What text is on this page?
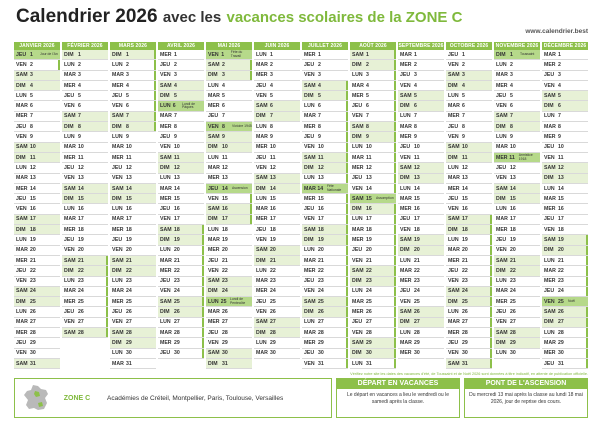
Calendrier 2026 avec les vacances scolaires de la ZONE C
www.calendrier.best
JANVIER 2026
JEU 1	Jour de l'An
VEN 2
SAM 3
DIM 4
LUN 5
MAR 6
MER 7
JEU 8
VEN 9
SAM 10
DIM 11
LUN 12
MAR 13
MER 14
JEU 15
VEN 16
SAM 17
DIM 18
LUN 19
MAR 20
MER 21
JEU 22
VEN 23
SAM 24
DIM 25
LUN 26
MAR 27
MER 28
JEU 29
VEN 30
SAM 31
FÉVRIER 2026
DIM 1
LUN 2
MAR 3
MER 4
JEU 5
VEN 6
SAM 7
DIM 8
LUN 9
MAR 10
MER 11
JEU 12
VEN 13
SAM 14
DIM 15
LUN 16
MAR 17
MER 18
JEU 19
VEN 20
SAM 21
DIM 22
LUN 23
MAR 24
MER 25
JEU 26
VEN 27
SAM 28
MARS 2026
DIM 1
LUN 2
MAR 3
MER 4
JEU 5
VEN 6
SAM 7
DIM 8
LUN 9
MAR 10
MER 11
JEU 12
VEN 13
SAM 14
DIM 15
LUN 16
MAR 17
MER 18
JEU 19
VEN 20
SAM 21
DIM 22
LUN 23
MAR 24
MER 25
JEU 26
VEN 27
SAM 28
DIM 29
LUN 30
MAR 31
AVRIL 2026
MER 1
JEU 2
VEN 3
SAM 4
DIM 5
LUN 6	Lundi de Pâques
MAR 7
MER 8
JEU 9
VEN 10
SAM 11
DIM 12
LUN 13
MAR 14
MER 15
JEU 16
VEN 17
SAM 18
DIM 19
LUN 20
MAR 21
MER 22
JEU 23
VEN 24
SAM 25
DIM 26
LUN 27
MAR 28
MER 29
JEU 30
MAI 2026
VEN 1	Fête du Travail
SAM 2
DIM 3
LUN 4
MAR 5
MER 6
JEU 7
VEN 8	Victoire 1945
SAM 9
DIM 10
LUN 11
MAR 12
MER 13
JEU 14	Ascension
VEN 15
SAM 16
DIM 17
LUN 18
MAR 19
MER 20
JEU 21
VEN 22
SAM 23
DIM 24
LUN 25	Lundi de Pentecôte
MAR 26
MER 27
JEU 28
VEN 29
SAM 30
DIM 31
JUIN 2026
LUN 1
MAR 2
MER 3
JEU 4
VEN 5
SAM 6
DIM 7
LUN 8
MAR 9
MER 10
JEU 11
VEN 12
SAM 13
DIM 14
LUN 15
MAR 16
MER 17
JEU 18
VEN 19
SAM 20
DIM 21
LUN 22
MAR 23
MER 24
JEU 25
VEN 26
SAM 27
DIM 28
LUN 29
MAR 30
JUILLET 2026
MER 1
JEU 2
VEN 3
SAM 4
DIM 5
LUN 6
MAR 7
MER 8
JEU 9
VEN 10
SAM 11
DIM 12
LUN 13
MAR 14	Fête Nationale
MER 15
JEU 16
VEN 17
SAM 18
DIM 19
LUN 20
MAR 21
MER 22
JEU 23
VEN 24
SAM 25
DIM 26
LUN 27
MAR 28
MER 29
JEU 30
VEN 31
AOÛT 2026
SAM 1
DIM 2
LUN 3
MAR 4
MER 5
JEU 6
VEN 7
SAM 8
DIM 9
LUN 10
MAR 11
MER 12
JEU 13
VEN 14
SAM 15	Assomption
DIM 16
LUN 17
MAR 18
MER 19
JEU 20
VEN 21
SAM 22
DIM 23
LUN 24
MAR 25
MER 26
JEU 27
VEN 28
SAM 29
DIM 30
LUN 31
SEPTEMBRE 2026
MAR 1
MER 2
JEU 3
VEN 4
SAM 5
DIM 6
LUN 7
MAR 8
MER 9
JEU 10
VEN 11
SAM 12
DIM 13
LUN 14
MAR 15
MER 16
JEU 17
VEN 18
SAM 19
DIM 20
LUN 21
MAR 22
MER 23
JEU 24
VEN 25
SAM 26
DIM 27
LUN 28
MAR 29
MER 30
OCTOBRE 2026
JEU 1
VEN 2
SAM 3
DIM 4
LUN 5
MAR 6
MER 7
JEU 8
VEN 9
SAM 10
DIM 11
LUN 12
MAR 13
MER 14
JEU 15
VEN 16
SAM 17
DIM 18
LUN 19
MAR 20
MER 21
JEU 22
VEN 23
SAM 24
DIM 25
LUN 26
MAR 27
MER 28
JEU 29
VEN 30
SAM 31
NOVEMBRE 2026
DIM 1	Toussaint
LUN 2
MAR 3
MER 4
JEU 5
VEN 6
SAM 7
DIM 8
LUN 9
MAR 10
MER 11	Armistice 1918
JEU 12
VEN 13
SAM 14
DIM 15
LUN 16
MAR 17
MER 18
JEU 19
VEN 20
SAM 21
DIM 22
LUN 23
MAR 24
MER 25
JEU 26
VEN 27
SAM 28
DIM 29
LUN 30
DÉCEMBRE 2026
MAR 1
MER 2
JEU 3
VEN 4
SAM 5
DIM 6
LUN 7
MAR 8
MER 9
JEU 10
VEN 11
SAM 12
DIM 13
LUN 14
MAR 15
MER 16
JEU 17
VEN 18
SAM 19
DIM 20
LUN 21
MAR 22
MER 23
JEU 24
VEN 25	Noël
SAM 26
DIM 27
LUN 28
MAR 29
MER 30
JEU 31
Vérifiez notre site les dates des vacances d'été, de Toussaint et de Noël 2026 sont données à titre indicatif, en attente de publication officielle.
ZONE C	Académies de Créteil, Montpellier, Paris, Toulouse, Versailles
DÉPART EN VACANCES
Le départ en vacances a lieu le vendredi ou le samedi après la classe.
PONT DE L'ASCENSION
Du mercredi 13 mai après la classe au lundi 18 mai 2026, jour de reprise des cours.
